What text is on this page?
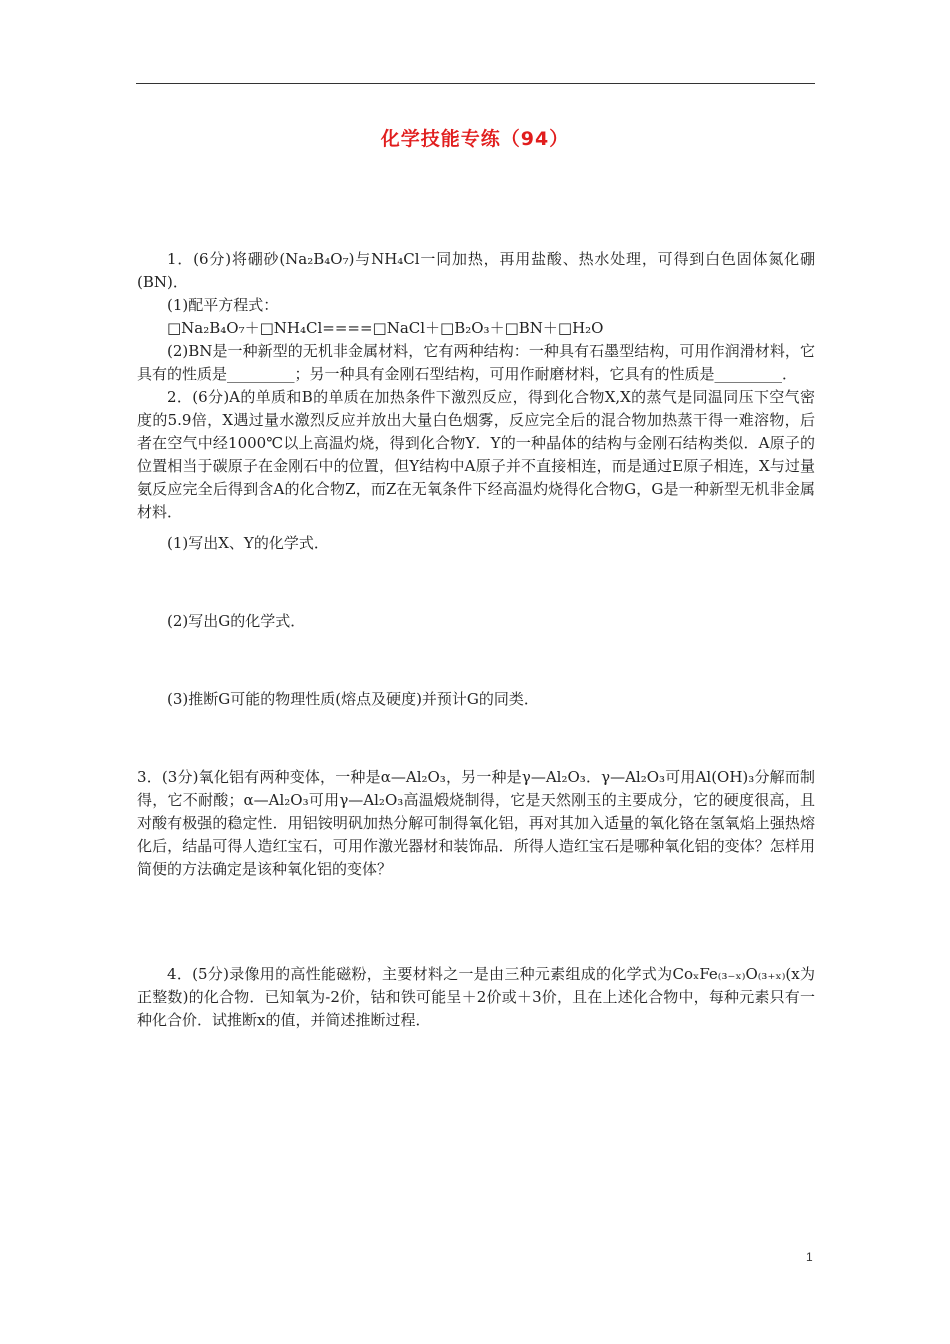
化学技能专练（94）

1．(6分)将硼砂(Na₂B₄O₇)与NH₄Cl一同加热，再用盐酸、热水处理，可得到白色固体氮化硼(BN)．

(1)配平方程式：

□Na₂B₄O₇＋□NH₄Cl====□NaCl＋□B₂O₃＋□BN＋□H₂O

(2)BN是一种新型的无机非金属材料，它有两种结构：一种具有石墨型结构，可用作润滑材料，它具有的性质是_________；另一种具有金刚石型结构，可用作耐磨材料，它具有的性质是_________．

2．(6分)A的单质和B的单质在加热条件下激烈反应，得到化合物X,X的蒸气是同温同压下空气密度的5.9倍，X遇过量水激烈反应并放出大量白色烟雾，反应完全后的混合物加热蒸干得一难溶物，后者在空气中经1000℃以上高温灼烧，得到化合物Y．Y的一种晶体的结构与金刚石结构类似．A原子的位置相当于碳原子在金刚石中的位置，但Y结构中A原子并不直接相连，而是通过E原子相连，X与过量氨反应完全后得到含A的化合物Z，而Z在无氧条件下经高温灼烧得化合物G，G是一种新型无机非金属材料．

(1)写出X、Y的化学式．

(2)写出G的化学式．

(3)推断G可能的物理性质(熔点及硬度)并预计G的同类．

3．(3分)氧化铝有两种变体，一种是α—Al₂O₃，另一种是γ—Al₂O₃．γ—Al₂O₃可用Al(OH)₃分解而制得，它不耐酸；α—Al₂O₃可用γ—Al₂O₃高温煅烧制得，它是天然刚玉的主要成分，它的硬度很高，且对酸有极强的稳定性．用铝铵明矾加热分解可制得氧化铝，再对其加入适量的氧化铬在氢氧焰上强热熔化后，结晶可得人造红宝石，可用作激光器材和装饰品．所得人造红宝石是哪种氧化铝的变体？怎样用简便的方法确定是该种氧化铝的变体？

4．(5分)录像用的高性能磁粉，主要材料之一是由三种元素组成的化学式为CoₓFe₍₃₋ₓ₎O₍₃₊ₓ₎(x为正整数)的化合物．已知氧为-2价，钴和铁可能呈＋2价或＋3价，且在上述化合物中，每种元素只有一种化合价．试推断x的值，并简述推断过程．

1
